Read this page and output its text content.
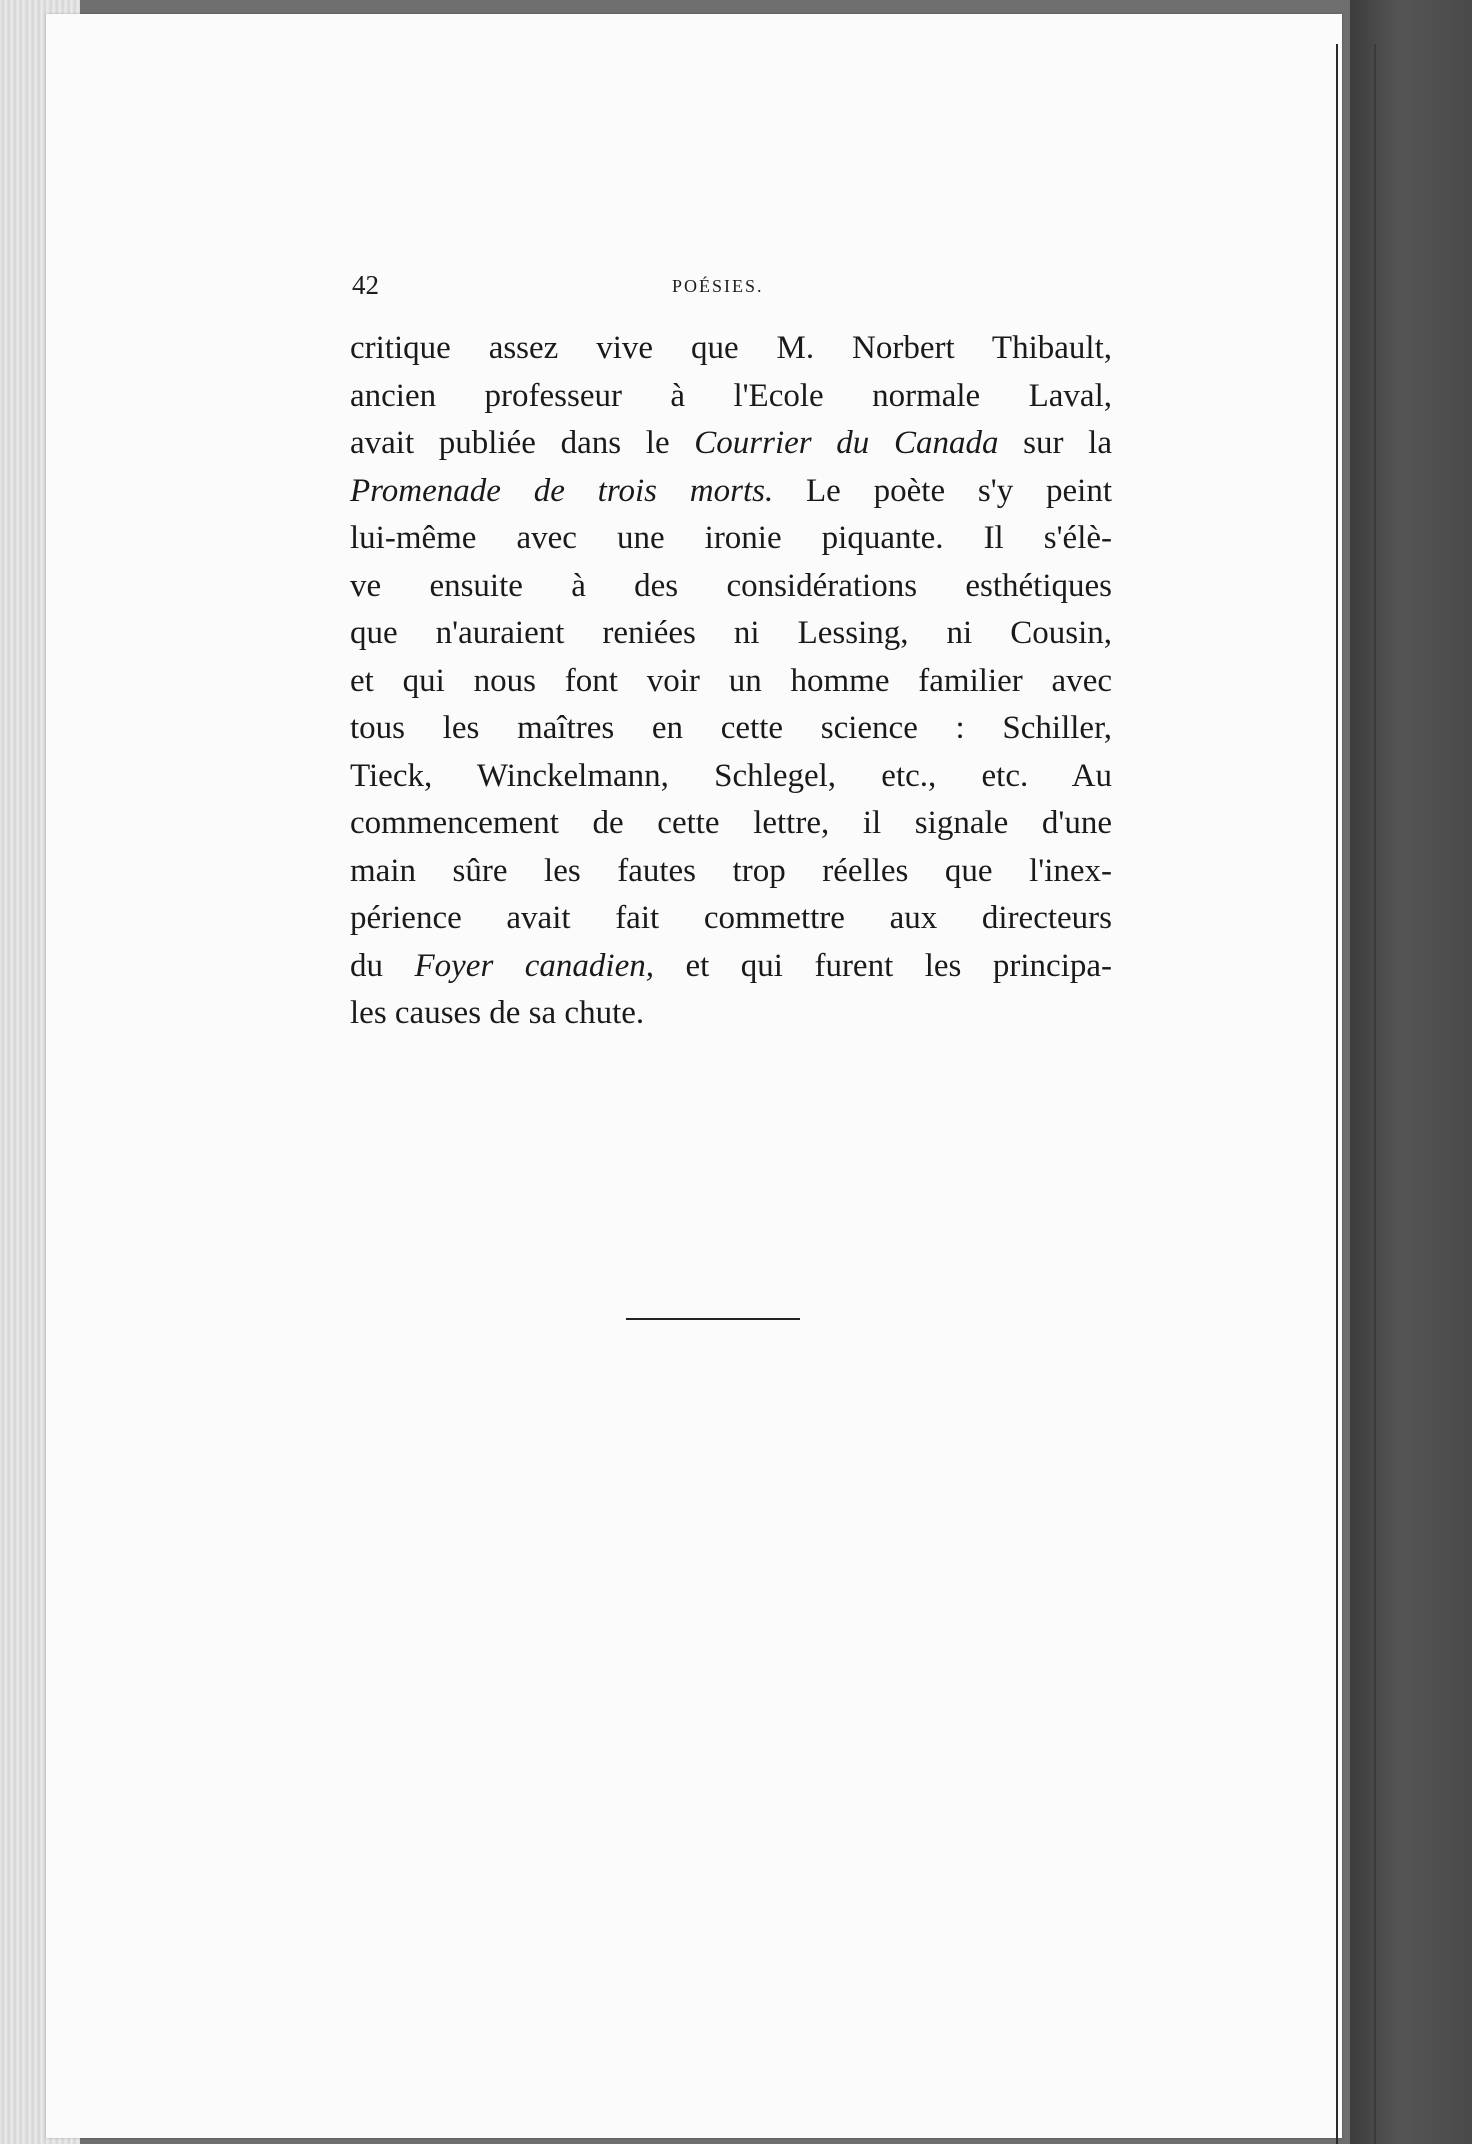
42	POÉSIES.
critique assez vive que M. Norbert Thibault,
ancien professeur à l'Ecole normale Laval,
avait publiée dans le Courrier du Canada sur la
Promenade de trois morts. Le poète s'y peint
lui-même avec une ironie piquante. Il s'élè-
ve ensuite à des considérations esthétiques
que n'auraient reniées ni Lessing, ni Cousin,
et qui nous font voir un homme familier avec
tous les maîtres en cette science : Schiller,
Tieck, Winckelmann, Schlegel, etc., etc. Au
commencement de cette lettre, il signale d'une
main sûre les fautes trop réelles que l'inex-
périence avait fait commettre aux directeurs
du Foyer canadien, et qui furent les principa-
les causes de sa chute.
